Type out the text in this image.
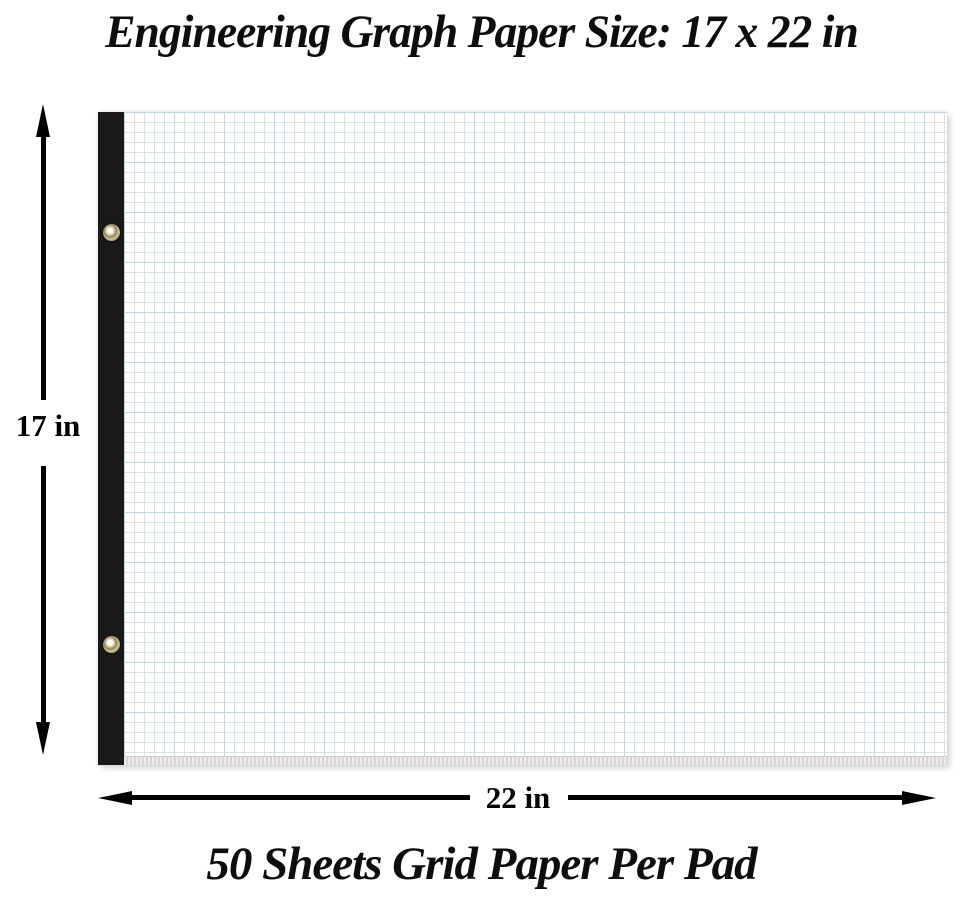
Engineering Graph Paper Size: 17 x 22 in
17 in
22 in
50 Sheets Grid Paper Per Pad
